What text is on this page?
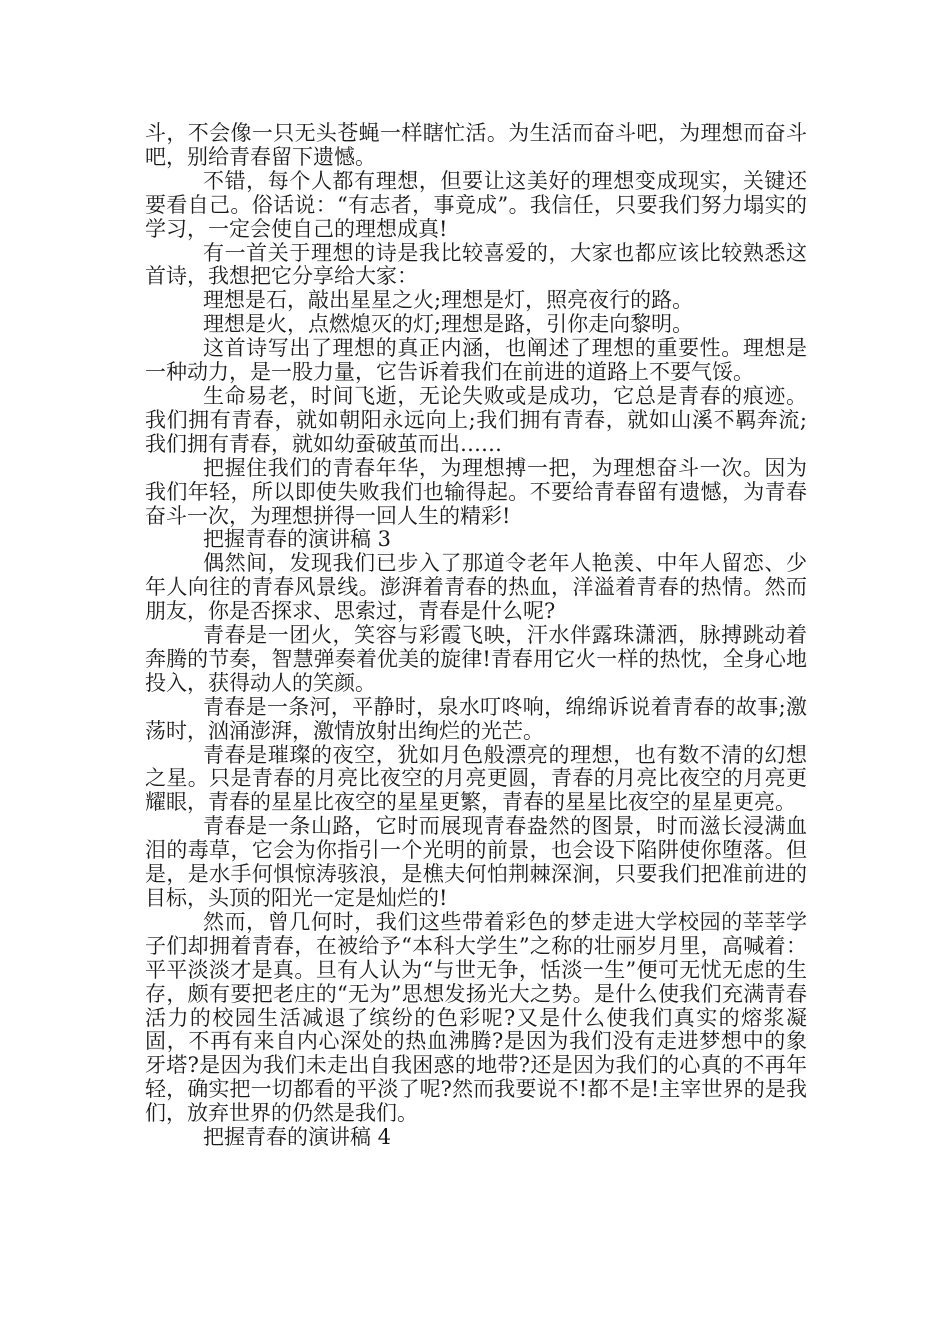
斗，不会像一只无头苍蝇一样瞎忙活。为生活而奋斗吧，为理想而奋斗吧，别给青春留下遗憾。

不错，每个人都有理想，但要让这美好的理想变成现实，关键还要看自己。俗话说：“有志者，事竟成”。我信任，只要我们努力塌实的学习，一定会使自己的理想成真!

有一首关于理想的诗是我比较喜爱的，大家也都应该比较熟悉这首诗，我想把它分享给大家：

理想是石，敲出星星之火;理想是灯，照亮夜行的路。

理想是火，点燃熄灭的灯;理想是路，引你走向黎明。

这首诗写出了理想的真正内涵，也阐述了理想的重要性。理想是一种动力，是一股力量，它告诉着我们在前进的道路上不要气馁。

生命易老，时间飞逝，无论失败或是成功，它总是青春的痕迹。我们拥有青春，就如朝阳永远向上;我们拥有青春，就如山溪不羁奔流;我们拥有青春，就如幼蚕破茧而出……

把握住我们的青春年华，为理想搏一把，为理想奋斗一次。因为我们年轻，所以即使失败我们也输得起。不要给青春留有遗憾，为青春奋斗一次，为理想拼得一回人生的精彩!

把握青春的演讲稿 3

偶然间，发现我们已步入了那道令老年人艳羡、中年人留恋、少年人向往的青春风景线。澎湃着青春的热血，洋溢着青春的热情。然而朋友，你是否探求、思索过，青春是什么呢?

青春是一团火，笑容与彩霞飞映，汗水伴露珠潇洒，脉搏跳动着奔腾的节奏，智慧弹奏着优美的旋律!青春用它火一样的热忱，全身心地投入，获得动人的笑颜。

青春是一条河，平静时，泉水叮咚响，绵绵诉说着青春的故事;激荡时，汹涌澎湃，激情放射出绚烂的光芒。

青春是璀璨的夜空，犹如月色般漂亮的理想，也有数不清的幻想之星。只是青春的月亮比夜空的月亮更圆，青春的月亮比夜空的月亮更耀眼，青春的星星比夜空的星星更繁，青春的星星比夜空的星星更亮。

青春是一条山路，它时而展现青春盎然的图景，时而滋长浸满血泪的毒草，它会为你指引一个光明的前景，也会设下陷阱使你堕落。但是，是水手何惧惊涛骇浪，是樵夫何怕荆棘深涧，只要我们把准前进的目标，头顶的阳光一定是灿烂的!

然而，曾几何时，我们这些带着彩色的梦走进大学校园的莘莘学子们却拥着青春，在被给予“本科大学生”之称的壮丽岁月里，高喊着：平平淡淡才是真。旦有人认为“与世无争，恬淡一生”便可无忧无虑的生存，颇有要把老庄的“无为”思想发扬光大之势。是什么使我们充满青春活力的校园生活减退了缤纷的色彩呢?又是什么使我们真实的熔浆凝固，不再有来自内心深处的热血沸腾?是因为我们没有走进梦想中的象牙塔?是因为我们未走出自我困惑的地带?还是因为我们的心真的不再年轻，确实把一切都看的平淡了呢?然而我要说不!都不是!主宰世界的是我们，放弃世界的仍然是我们。

把握青春的演讲稿 4
